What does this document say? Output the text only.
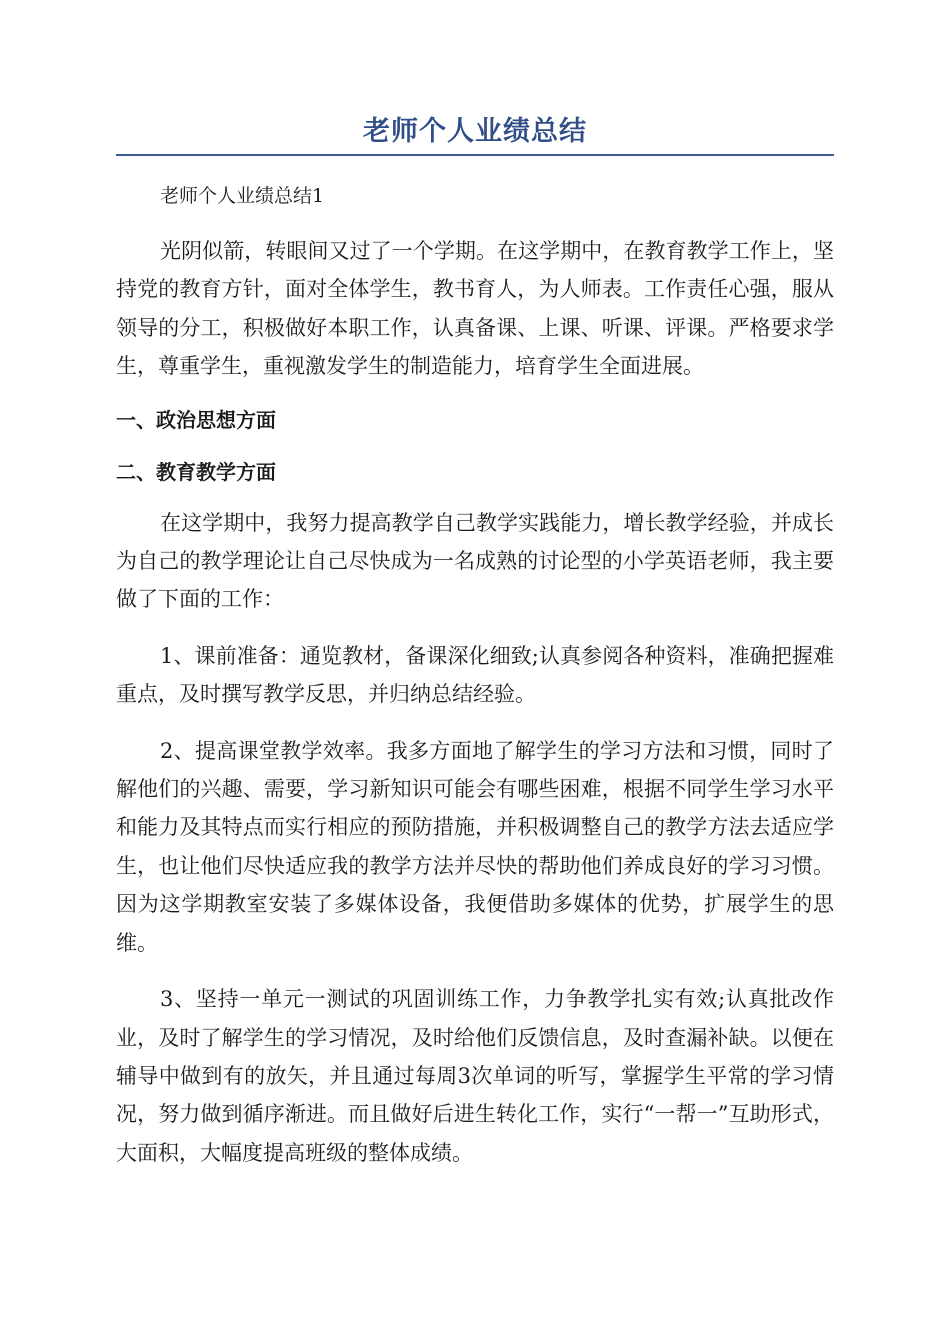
老师个人业绩总结

老师个人业绩总结1

光阴似箭，转眼间又过了一个学期。在这学期中，在教育教学工作上，坚持党的教育方针，面对全体学生，教书育人，为人师表。工作责任心强，服从领导的分工，积极做好本职工作，认真备课、上课、听课、评课。严格要求学生，尊重学生，重视激发学生的制造能力，培育学生全面进展。

一、政治思想方面
二、教育教学方面

在这学期中，我努力提高教学自己教学实践能力，增长教学经验，并成长为自己的教学理论让自己尽快成为一名成熟的讨论型的小学英语老师，我主要做了下面的工作：

1、课前准备：通览教材，备课深化细致;认真参阅各种资料，准确把握难重点，及时撰写教学反思，并归纳总结经验。

2、提高课堂教学效率。我多方面地了解学生的学习方法和习惯，同时了解他们的兴趣、需要，学习新知识可能会有哪些困难，根据不同学生学习水平和能力及其特点而实行相应的预防措施，并积极调整自己的教学方法去适应学生，也让他们尽快适应我的教学方法并尽快的帮助他们养成良好的学习习惯。因为这学期教室安装了多媒体设备，我便借助多媒体的优势，扩展学生的思维。

3、坚持一单元一测试的巩固训练工作，力争教学扎实有效;认真批改作业，及时了解学生的学习情况，及时给他们反馈信息，及时查漏补缺。以便在辅导中做到有的放矢，并且通过每周3次单词的听写，掌握学生平常的学习情况，努力做到循序渐进。而且做好后进生转化工作，实行“一帮一”互助形式，大面积，大幅度提高班级的整体成绩。
